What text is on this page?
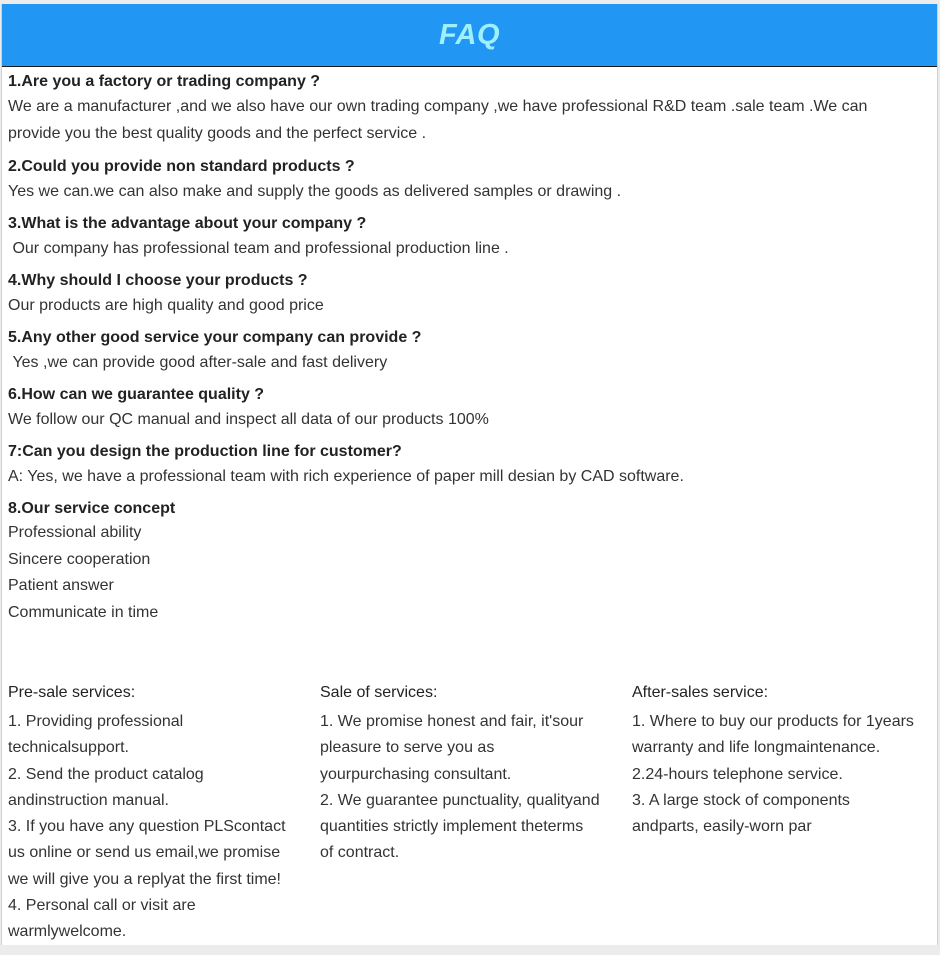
FAQ

1.Are you a factory or trading company ?

We are a manufacturer ,and we also have our own trading company ,we have professional R&D team .sale team .We can

provide you the best quality goods and the perfect service .

2.Could you provide non standard products ?

Yes we can.we can also make and supply the goods as delivered samples or drawing .

3.What is the advantage about your company ?

Our company has professional team and professional production line .

4.Why should I choose your products ?

Our products are high quality and good price

5.Any other good service your company can provide ?

Yes ,we can provide good after-sale and fast delivery

6.How can we guarantee quality ?

We follow our QC manual and inspect all data of our products 100%

7:Can you design the production line for customer?

A: Yes, we have a professional team with rich experience of paper mill desian by CAD software.

8.Our service concept

Professional ability

Sincere cooperation

Patient answer

Communicate in time

Pre-sale services:

1. Providing professional

technicalsupport.

2. Send the product catalog

andinstruction manual.

3. If you have any question PLScontact

us online or send us email,we promise

we will give you a replyat the first time!

4. Personal call or visit are

warmlywelcome.

Sale of services:

1. We promise honest and fair, it'sour

pleasure to serve you as

yourpurchasing consultant.

2. We guarantee punctuality, qualityand

quantities strictly implement theterms

of contract.

After-sales service:

1. Where to buy our products for 1years

warranty and life longmaintenance.

2.24-hours telephone service.

3. A large stock of components

andparts, easily-worn par
